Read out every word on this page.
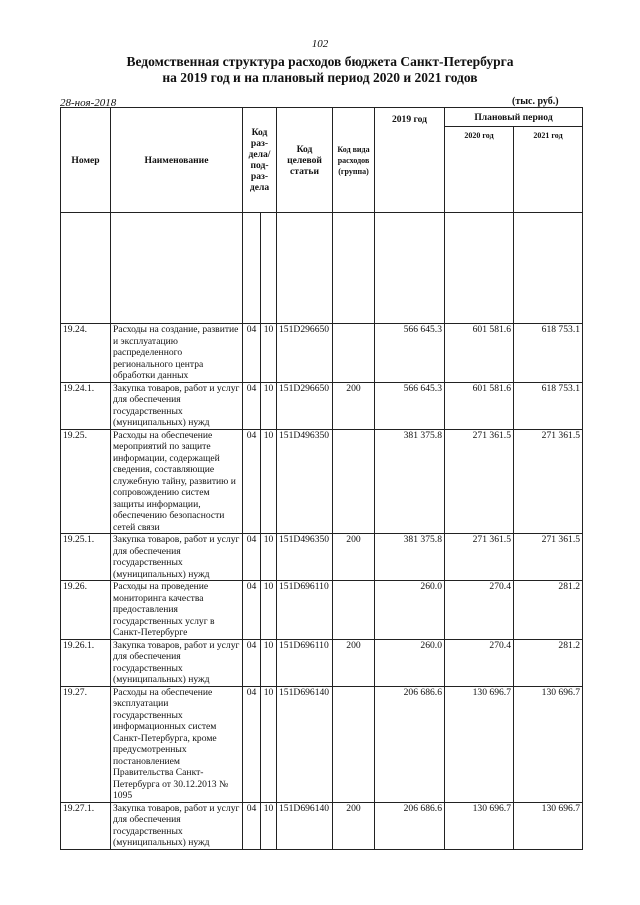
102
Ведомственная структура расходов бюджета Санкт-Петербурга
на 2019 год и на плановый период 2020 и 2021 годов
28-ноя-2018	(тыс. руб.)
Номер	Наименование	Код раз-дела/под-раз-дела		Код целевой статьи	Код вида расходов (группа)	2019 год	Плановый период	
							2020 год	2021 год

19.24.	Расходы на создание, развитие и эксплуатацию распределенного регионального центра обработки данных	04	10	151D296650		566 645.3	601 581.6	618 753.1
19.24.1.	Закупка товаров, работ и услуг для обеспечения государственных (муниципальных) нужд	04	10	151D296650	200	566 645.3	601 581.6	618 753.1
19.25.	Расходы на обеспечение мероприятий по защите информации, содержащей сведения, составляющие служебную тайну, развитию и сопровождению систем защиты информации, обеспечению безопасности сетей связи	04	10	151D496350		381 375.8	271 361.5	271 361.5
19.25.1.	Закупка товаров, работ и услуг для обеспечения государственных (муниципальных) нужд	04	10	151D496350	200	381 375.8	271 361.5	271 361.5
19.26.	Расходы на проведение мониторинга качества предоставления государственных услуг в Санкт-Петербурге	04	10	151D696110		260.0	270.4	281.2
19.26.1.	Закупка товаров, работ и услуг для обеспечения государственных (муниципальных) нужд	04	10	151D696110	200	260.0	270.4	281.2
19.27.	Расходы на обеспечение эксплуатации государственных информационных систем Санкт-Петербурга, кроме предусмотренных постановлением Правительства Санкт-Петербурга от 30.12.2013 № 1095	04	10	151D696140		206 686.6	130 696.7	130 696.7
19.27.1.	Закупка товаров, работ и услуг для обеспечения государственных (муниципальных) нужд	04	10	151D696140	200	206 686.6	130 696.7	130 696.7
